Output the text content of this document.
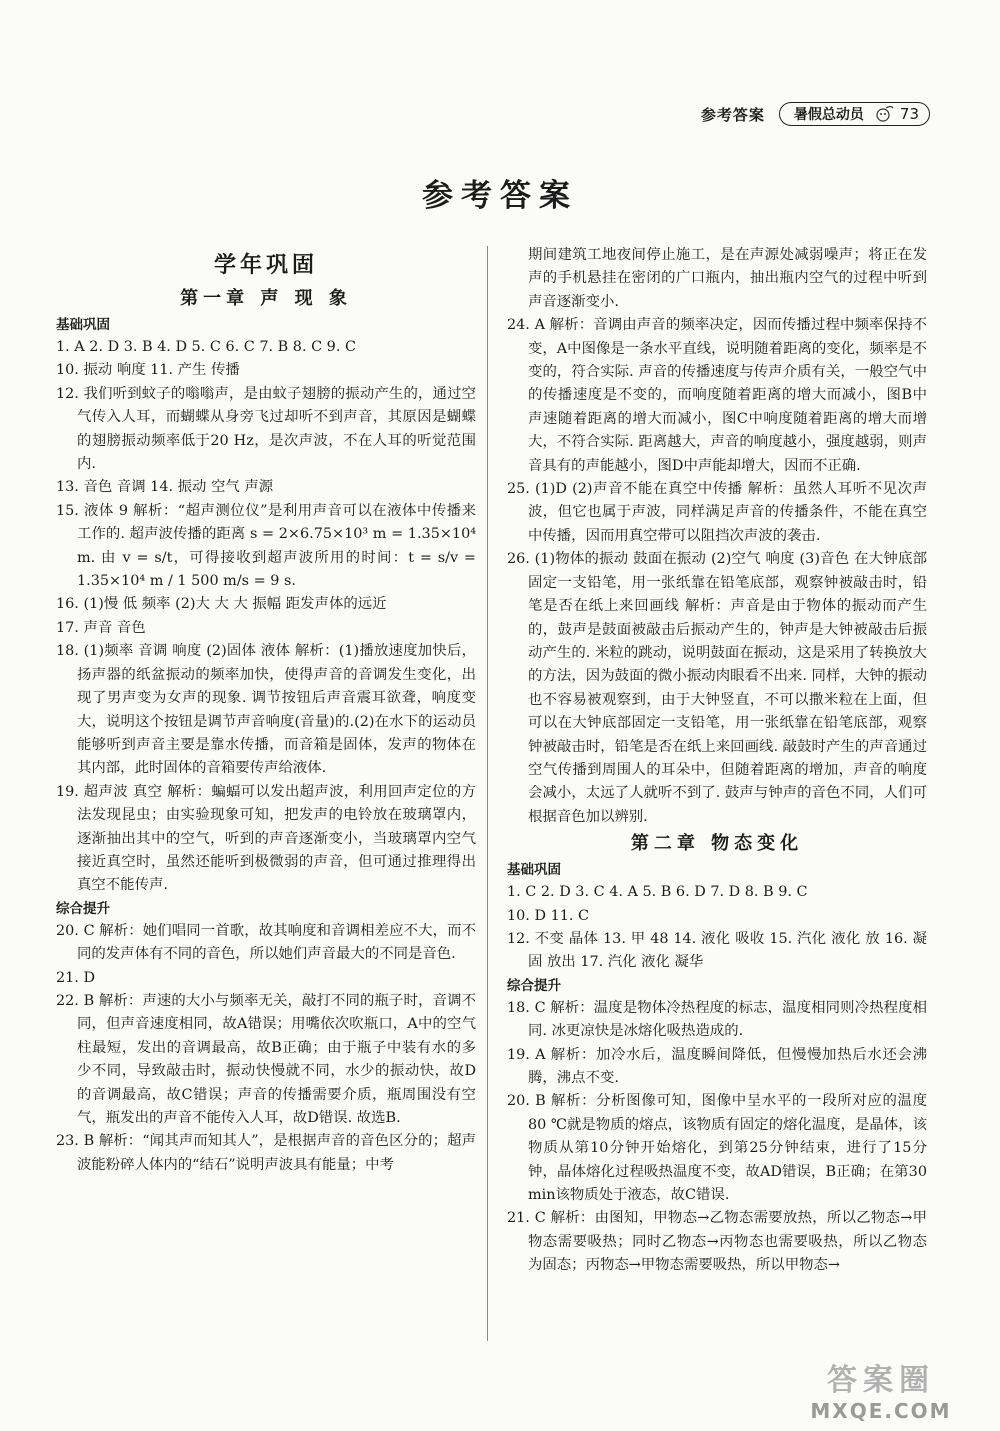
参考答案 暑假总动员 73
参考答案
学年巩固
第一章 声 现 象
基础巩固
1. A 2. D 3. B 4. D 5. C 6. C 7. B 8. C 9. C
10. 振动 响度 11. 产生 传播
12. 我们听到蚊子的嗡嗡声，是由蚊子翅膀的振动产生的，通过空气传入人耳，而蝴蝶从身旁飞过却听不到声音，其原因是蝴蝶的翅膀振动频率低于20 Hz，是次声波，不在人耳的听觉范围内.
13. 音色 音调 14. 振动 空气 声源
15. 液体 9 解析：“超声测位仪”是利用声音可以在液体中传播来工作的. 超声波传播的距离 s = 2×6.75×10³ m = 1.35×10⁴ m. 由 v = s/t，可得接收到超声波所用的时间：t = s/v = 1.35×10⁴ m / 1 500 m/s = 9 s.
16. (1)慢 低 频率 (2)大 大 大 振幅 距发声体的远近
17. 声音 音色
18. (1)频率 音调 响度 (2)固体 液体 解析：(1)播放速度加快后，扬声器的纸盆振动的频率加快，使得声音的音调发生变化，出现了男声变为女声的现象. 调节按钮后声音震耳欲聋，响度变大，说明这个按钮是调节声音响度(音量)的.(2)在水下的运动员能够听到声音主要是靠水传播，而音箱是固体，发声的物体在其内部，此时固体的音箱要传声给液体.
19. 超声波 真空 解析：蝙蝠可以发出超声波，利用回声定位的方法发现昆虫；由实验现象可知，把发声的电铃放在玻璃罩内，逐渐抽出其中的空气，听到的声音逐渐变小，当玻璃罩内空气接近真空时，虽然还能听到极微弱的声音，但可通过推理得出真空不能传声.
综合提升
20. C 解析：她们唱同一首歌，故其响度和音调相差应不大，而不同的发声体有不同的音色，所以她们声音最大的不同是音色.
21. D
22. B 解析：声速的大小与频率无关，敲打不同的瓶子时，音调不同，但声音速度相同，故A错误；用嘴依次吹瓶口，A中的空气柱最短，发出的音调最高，故B正确；由于瓶子中装有水的多少不同，导致敲击时，振动快慢就不同，水少的振动快，故D的音调最高，故C错误；声音的传播需要介质，瓶周围没有空气，瓶发出的声音不能传入人耳，故D错误. 故选B.
23. B 解析：“闻其声而知其人”，是根据声音的音色区分的；超声波能粉碎人体内的“结石”说明声波具有能量；中考
期间建筑工地夜间停止施工，是在声源处减弱噪声；将正在发声的手机悬挂在密闭的广口瓶内，抽出瓶内空气的过程中听到声音逐渐变小.
24. A 解析：音调由声音的频率决定，因而传播过程中频率保持不变，A中图像是一条水平直线，说明随着距离的变化，频率是不变的，符合实际. 声音的传播速度与传声介质有关，一般空气中的传播速度是不变的，而响度随着距离的增大而减小，图B中声速随着距离的增大而减小，图C中响度随着距离的增大而增大，不符合实际. 距离越大，声音的响度越小，强度越弱，则声音具有的声能越小，图D中声能却增大，因而不正确.
25. (1)D (2)声音不能在真空中传播 解析：虽然人耳听不见次声波，但它也属于声波，同样满足声音的传播条件，不能在真空中传播，因而用真空带可以阻挡次声波的袭击.
26. (1)物体的振动 鼓面在振动 (2)空气 响度 (3)音色 在大钟底部固定一支铅笔，用一张纸靠在铅笔底部，观察钟被敲击时，铅笔是否在纸上来回画线 解析：声音是由于物体的振动而产生的，鼓声是鼓面被敲击后振动产生的，钟声是大钟被敲击后振动产生的. 米粒的跳动，说明鼓面在振动，这是采用了转换放大的方法，因为鼓面的微小振动肉眼看不出来. 同样，大钟的振动也不容易被观察到，由于大钟竖直，不可以撒米粒在上面，但可以在大钟底部固定一支铅笔，用一张纸靠在铅笔底部，观察钟被敲击时，铅笔是否在纸上来回画线. 敲鼓时产生的声音通过空气传播到周围人的耳朵中，但随着距离的增加，声音的响度会减小，太远了人就听不到了. 鼓声与钟声的音色不同，人们可根据音色加以辨别.
第二章 物态变化
基础巩固
1. C 2. D 3. C 4. A 5. B 6. D 7. D 8. B 9. C
10. D 11. C
12. 不变 晶体 13. 甲 48 14. 液化 吸收 15. 汽化 液化 放 16. 凝固 放出 17. 汽化 液化 凝华
综合提升
18. C 解析：温度是物体冷热程度的标志，温度相同则冷热程度相同. 冰更凉快是冰熔化吸热造成的.
19. A 解析：加冷水后，温度瞬间降低，但慢慢加热后水还会沸腾，沸点不变.
20. B 解析：分析图像可知，图像中呈水平的一段所对应的温度80 ℃就是物质的熔点，该物质有固定的熔化温度，是晶体，该物质从第10分钟开始熔化，到第25分钟结束，进行了15分钟，晶体熔化过程吸热温度不变，故AD错误，B正确；在第30 min该物质处于液态，故C错误.
21. C 解析：由图知，甲物态→乙物态需要放热，所以乙物态→甲物态需要吸热；同时乙物态→丙物态也需要吸热，所以乙物态为固态；丙物态→甲物态需要吸热，所以甲物态→
答案圈
MXQE.COM
